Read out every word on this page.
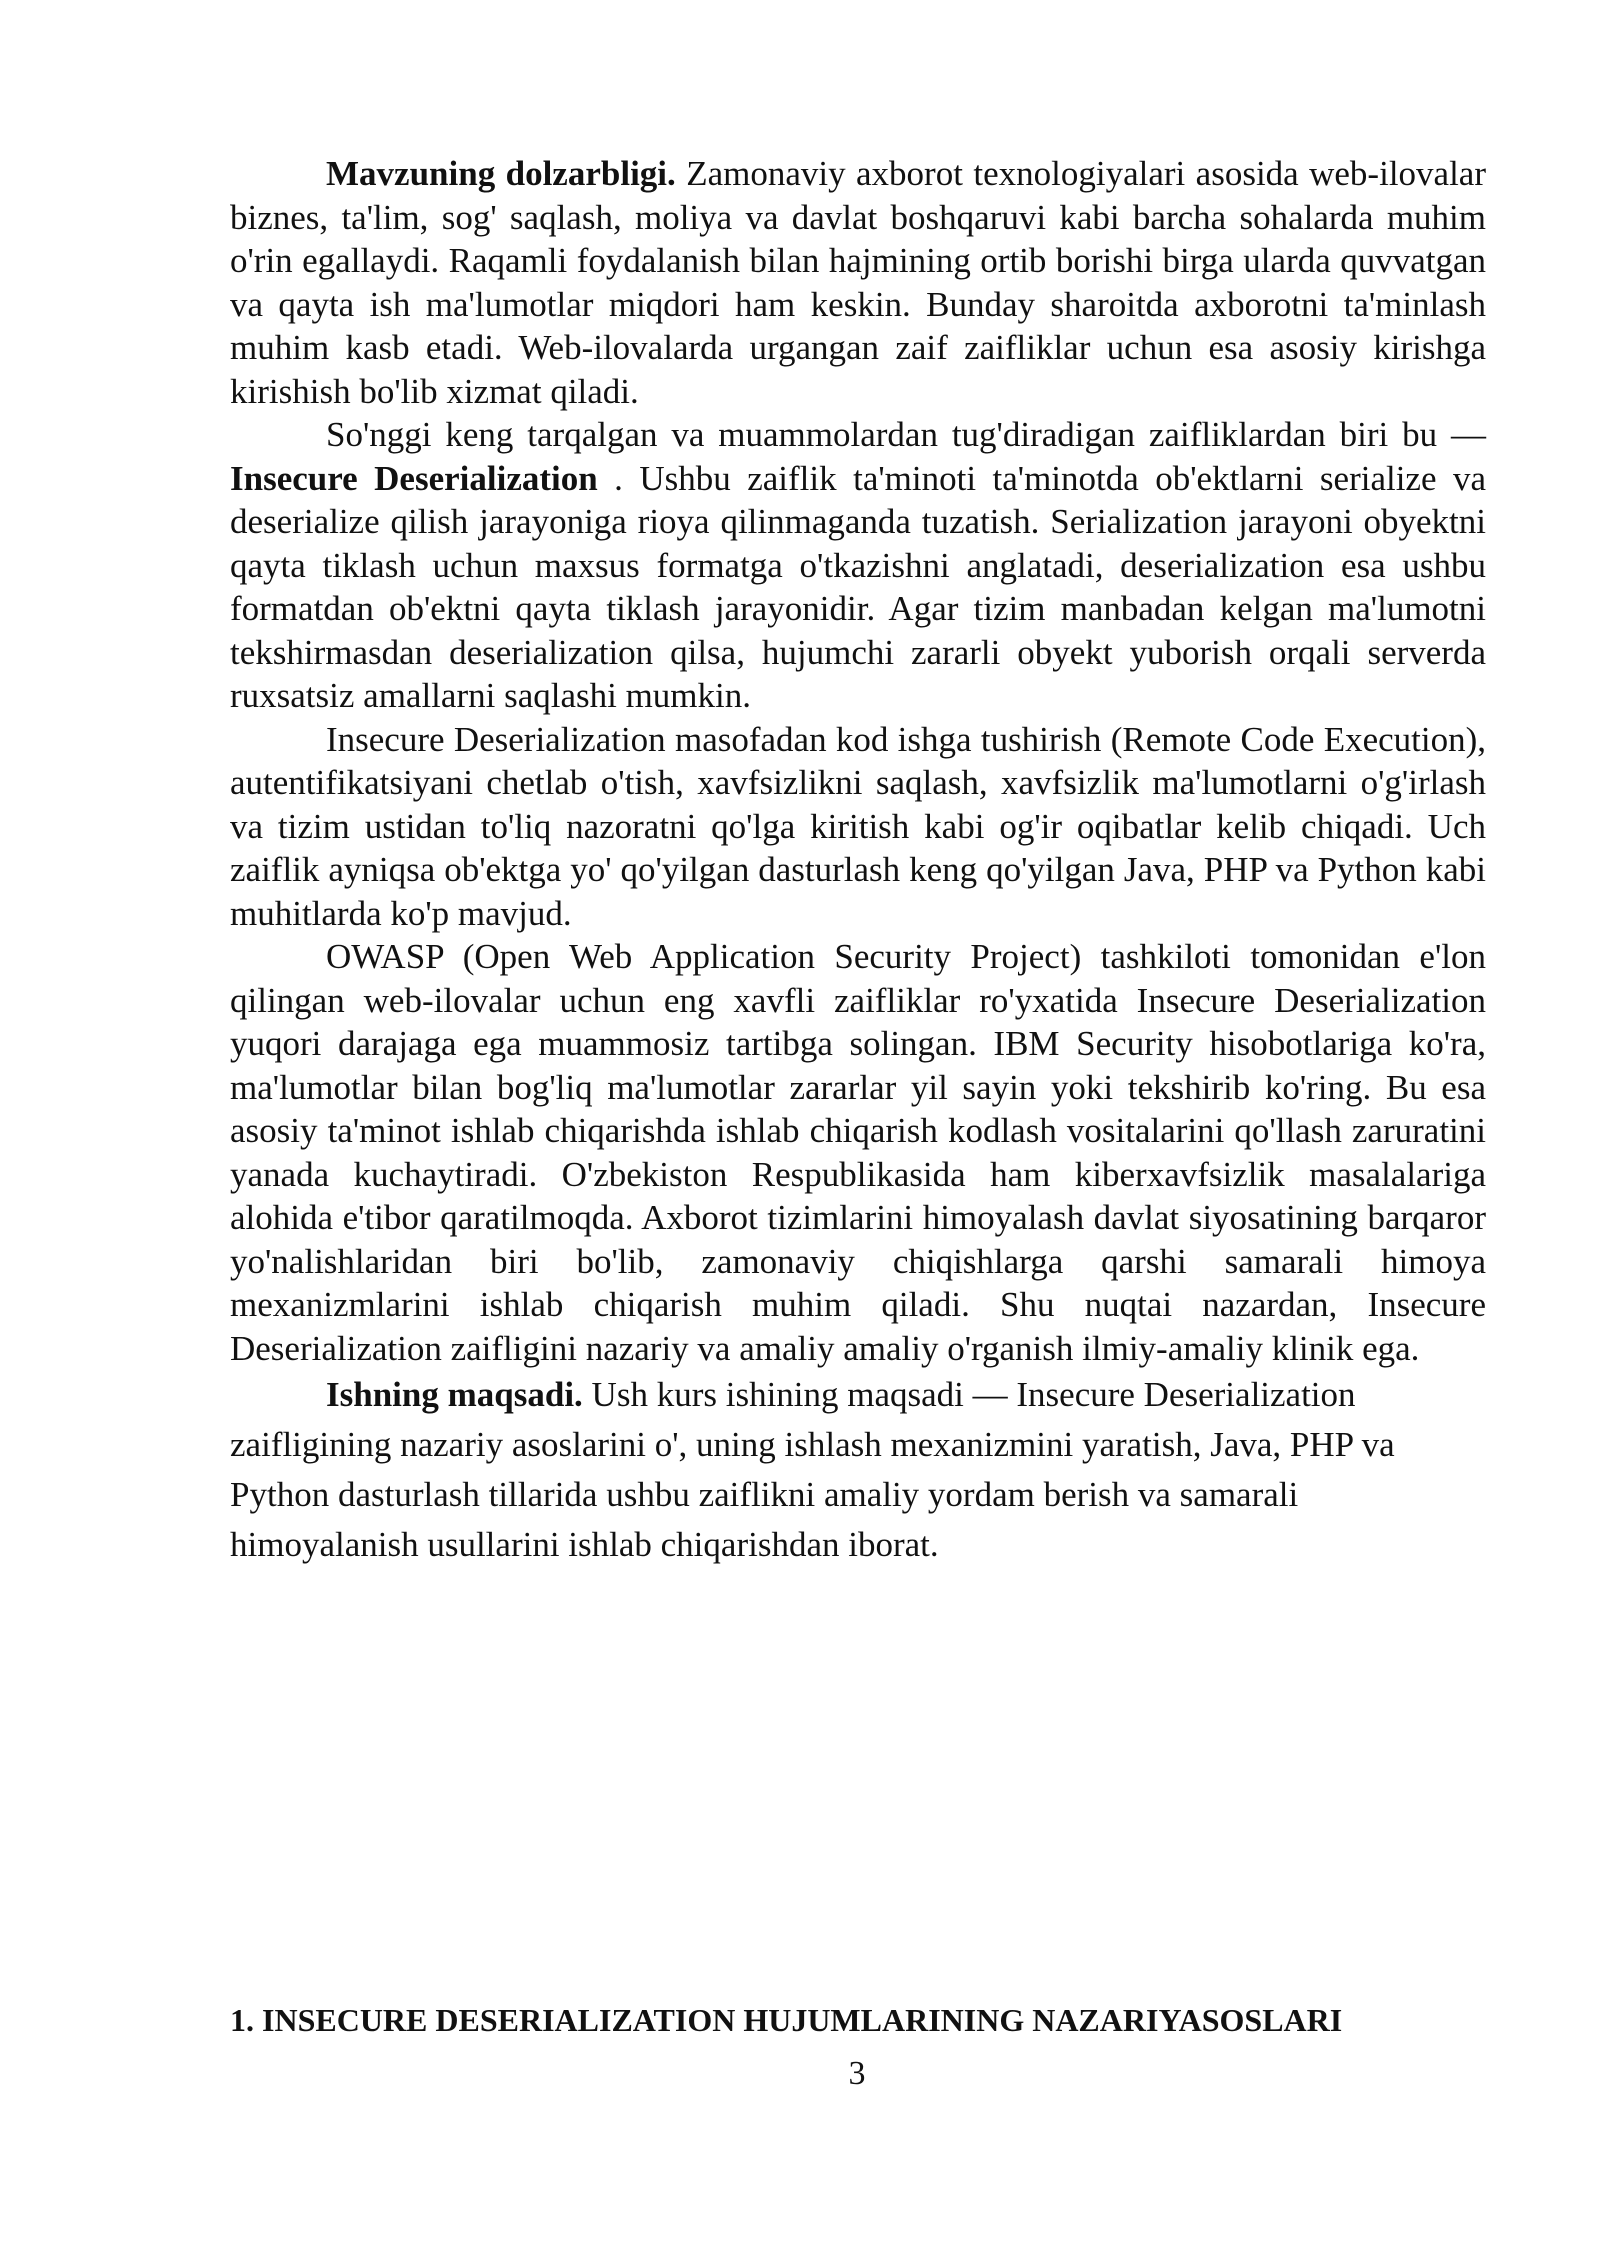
Mavzuning dolzarbligi. Zamonaviy axborot texnologiyalari asosida web-ilovalar biznes, ta'lim, sog' saqlash, moliya va davlat boshqaruvi kabi barcha sohalarda muhim o'rin egallaydi. Raqamli foydalanish bilan hajmining ortib borishi birga ularda quvvatgan va qayta ish ma'lumotlar miqdori ham keskin. Bunday sharoitda axborotni ta'minlash muhim kasb etadi. Web-ilovalarda urgangan zaif zaifliklar uchun esa asosiy kirishga kirishish bo'lib xizmat qiladi.

So'nggi keng tarqalgan va muammolardan tug'diradigan zaifliklardan biri bu — Insecure Deserialization . Ushbu zaiflik ta'minoti ta'minotda ob'ektlarni serialize va deserialize qilish jarayoniga rioya qilinmaganda tuzatish. Serialization jarayoni obyektni qayta tiklash uchun maxsus formatga o'tkazishni anglatadi, deserialization esa ushbu formatdan ob'ektni qayta tiklash jarayonidir. Agar tizim manbadan kelgan ma'lumotni tekshirmasdan deserialization qilsa, hujumchi zararli obyekt yuborish orqali serverda ruxsatsiz amallarni saqlashi mumkin.

Insecure Deserialization masofadan kod ishga tushirish (Remote Code Execution), autentifikatsiyani chetlab o'tish, xavfsizlikni saqlash, xavfsizlik ma'lumotlarni o'g'irlash va tizim ustidan to'liq nazoratni qo'lga kiritish kabi og'ir oqibatlar kelib chiqadi. Uch zaiflik ayniqsa ob'ektga yo' qo'yilgan dasturlash keng qo'yilgan Java, PHP va Python kabi muhitlarda ko'p mavjud.

OWASP (Open Web Application Security Project) tashkiloti tomonidan e'lon qilingan web-ilovalar uchun eng xavfli zaifliklar ro'yxatida Insecure Deserialization yuqori darajaga ega muammosiz tartibga solingan. IBM Security hisobotlariga ko'ra, ma'lumotlar bilan bog'liq ma'lumotlar zararlar yil sayin yoki tekshirib ko'ring. Bu esa asosiy ta'minot ishlab chiqarishda ishlab chiqarish kodlash vositalarini qo'llash zaruratini yanada kuchaytiradi. O'zbekiston Respublikasida ham kiberxavfsizlik masalalariga alohida e'tibor qaratilmoqda. Axborot tizimlarini himoyalash davlat siyosatining barqaror yo'nalishlaridan biri bo'lib, zamonaviy chiqishlarga qarshi samarali himoya mexanizmlarini ishlab chiqarish muhim qiladi. Shu nuqtai nazardan, Insecure Deserialization zaifligini nazariy va amaliy amaliy o'rganish ilmiy-amaliy klinik ega.

Ishning maqsadi. Ush kurs ishining maqsadi — Insecure Deserialization zaifligining nazariy asoslarini o', uning ishlash mexanizmini yaratish, Java, PHP va Python dasturlash tillarida ushbu zaiflikni amaliy yordam berish va samarali himoyalanish usullarini ishlab chiqarishdan iborat.

1. INSECURE DESERIALIZATION HUJUMLARINING NAZARIYASOSLARI
3
